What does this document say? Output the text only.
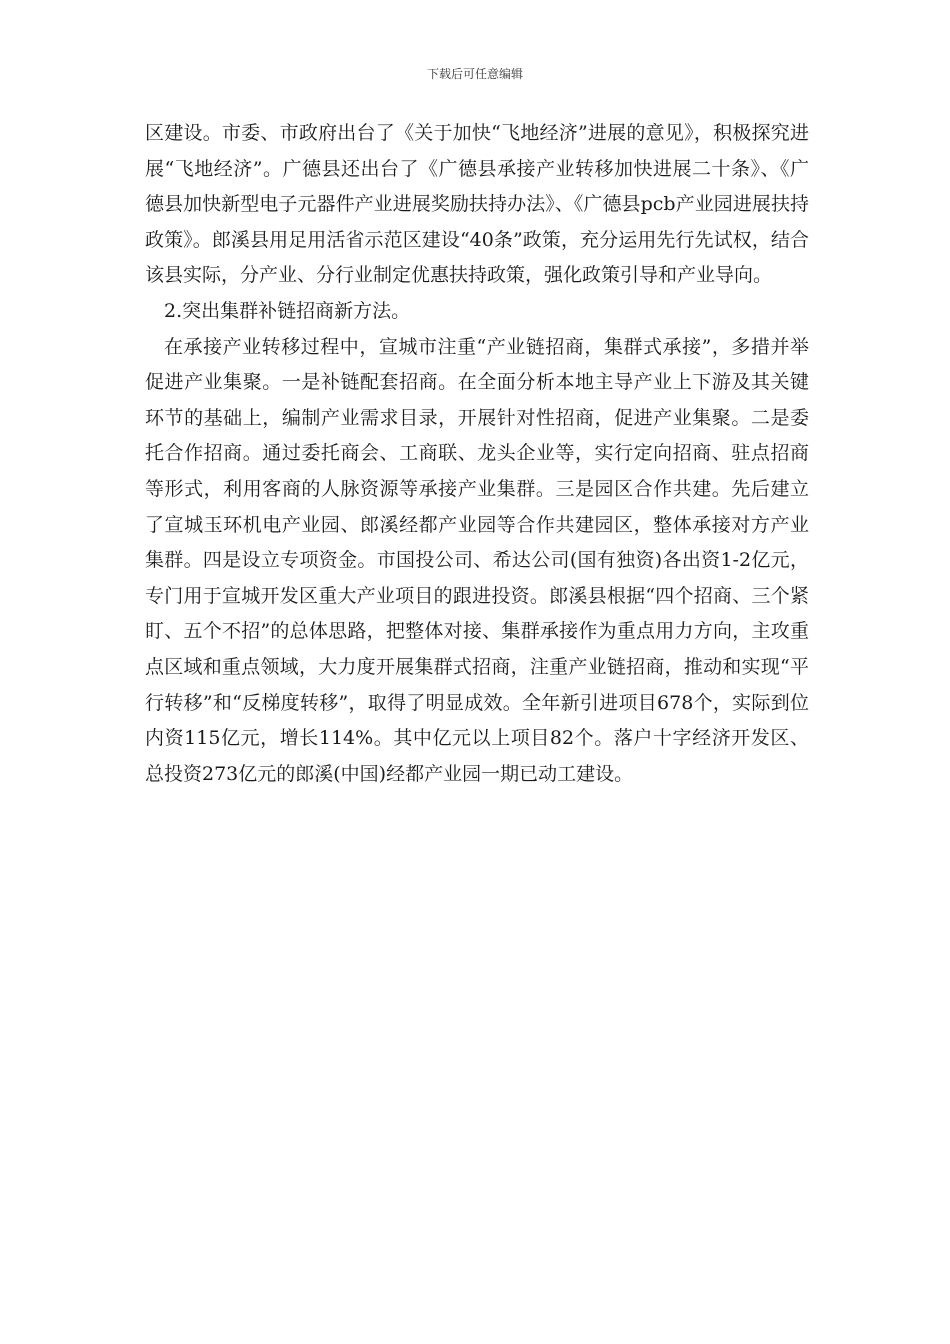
下载后可任意编辑

区建设。市委、市政府出台了《关于加快“飞地经济”进展的意见》，积极探究进展“飞地经济”。广德县还出台了《广德县承接产业转移加快进展二十条》、《广德县加快新型电子元器件产业进展奖励扶持办法》、《广德县pcb产业园进展扶持政策》。郎溪县用足用活省示范区建设“40条”政策，充分运用先行先试权，结合该县实际，分产业、分行业制定优惠扶持政策，强化政策引导和产业导向。

2.突出集群补链招商新方法。

在承接产业转移过程中，宣城市注重“产业链招商，集群式承接”，多措并举促进产业集聚。一是补链配套招商。在全面分析本地主导产业上下游及其关键环节的基础上，编制产业需求目录，开展针对性招商，促进产业集聚。二是委托合作招商。通过委托商会、工商联、龙头企业等，实行定向招商、驻点招商等形式，利用客商的人脉资源等承接产业集群。三是园区合作共建。先后建立了宣城玉环机电产业园、郎溪经都产业园等合作共建园区，整体承接对方产业集群。四是设立专项资金。市国投公司、希达公司(国有独资)各出资1-2亿元，专门用于宣城开发区重大产业项目的跟进投资。郎溪县根据“四个招商、三个紧盯、五个不招”的总体思路，把整体对接、集群承接作为重点用力方向，主攻重点区域和重点领域，大力度开展集群式招商，注重产业链招商，推动和实现“平行转移”和“反梯度转移”，取得了明显成效。全年新引进项目678个，实际到位内资115亿元，增长114%。其中亿元以上项目82个。落户十字经济开发区、总投资273亿元的郎溪(中国)经都产业园一期已动工建设。
